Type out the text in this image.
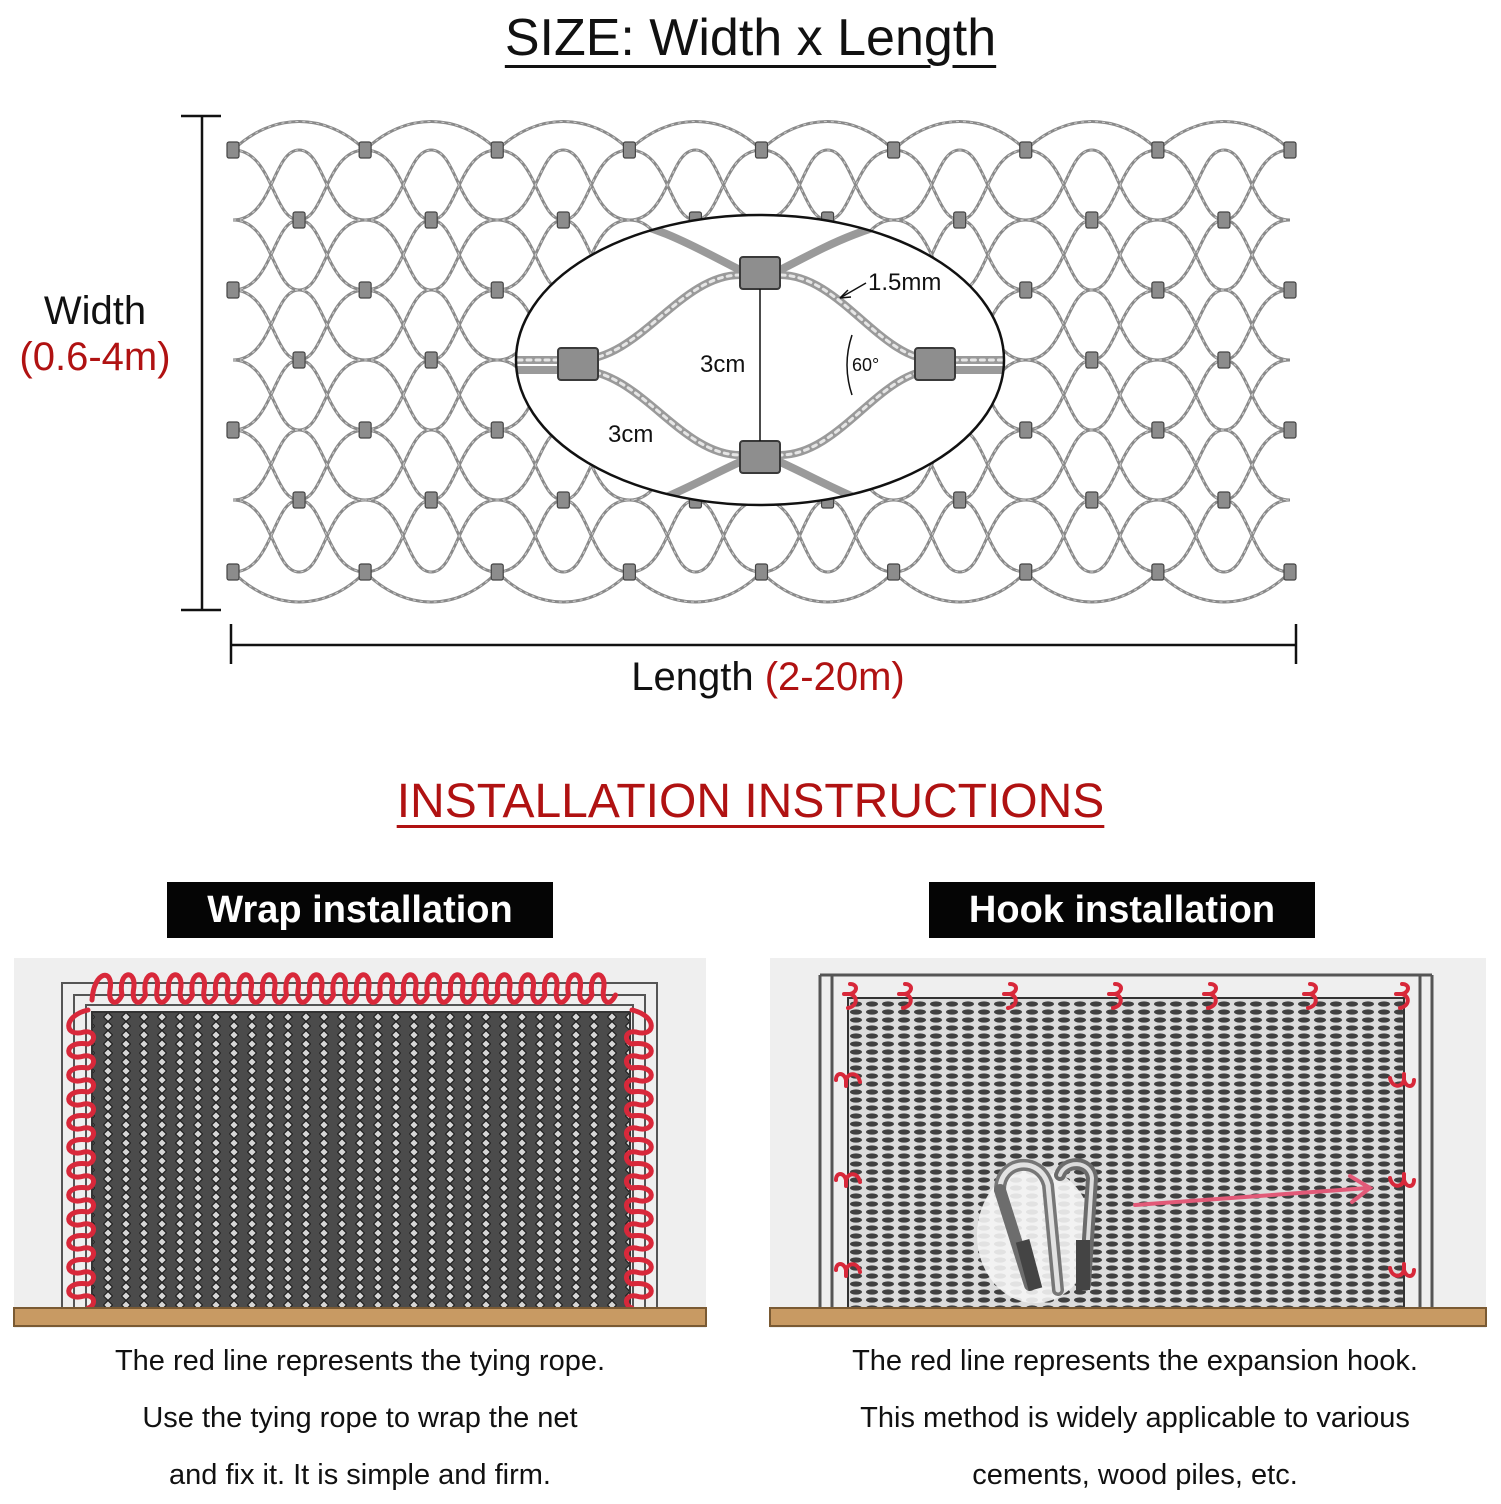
SIZE: Width x Length
Width
(0.6-4m)
1.5mm
60°
3cm
3cm
Length (2-20m)
INSTALLATION INSTRUCTIONS
Wrap installation	Hook installation
The red line represents the tying rope.
Use the tying rope to wrap the net
and fix it. It is simple and firm.
The red line represents the expansion hook.
This method is widely applicable to various
cements, wood piles, etc.
